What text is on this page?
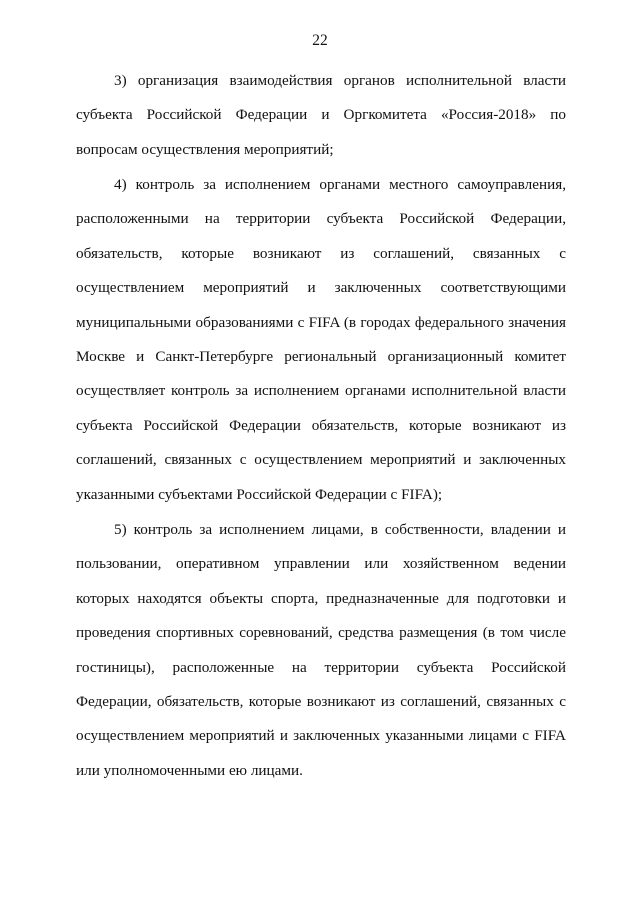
22

3) организация взаимодействия органов исполнительной власти субъекта Российской Федерации и Оргкомитета «Россия-2018» по вопросам осуществления мероприятий;

4) контроль за исполнением органами местного самоуправления, расположенными на территории субъекта Российской Федерации, обязательств, которые возникают из соглашений, связанных с осуществлением мероприятий и заключенных соответствующими муниципальными образованиями с FIFA (в городах федерального значения Москве и Санкт-Петербурге региональный организационный комитет осуществляет контроль за исполнением органами исполнительной власти субъекта Российской Федерации обязательств, которые возникают из соглашений, связанных с осуществлением мероприятий и заключенных указанными субъектами Российской Федерации с FIFA);

5) контроль за исполнением лицами, в собственности, владении и пользовании, оперативном управлении или хозяйственном ведении которых находятся объекты спорта, предназначенные для подготовки и проведения спортивных соревнований, средства размещения (в том числе гостиницы), расположенные на территории субъекта Российской Федерации, обязательств, которые возникают из соглашений, связанных с осуществлением мероприятий и заключенных указанными лицами с FIFA или уполномоченными ею лицами.
